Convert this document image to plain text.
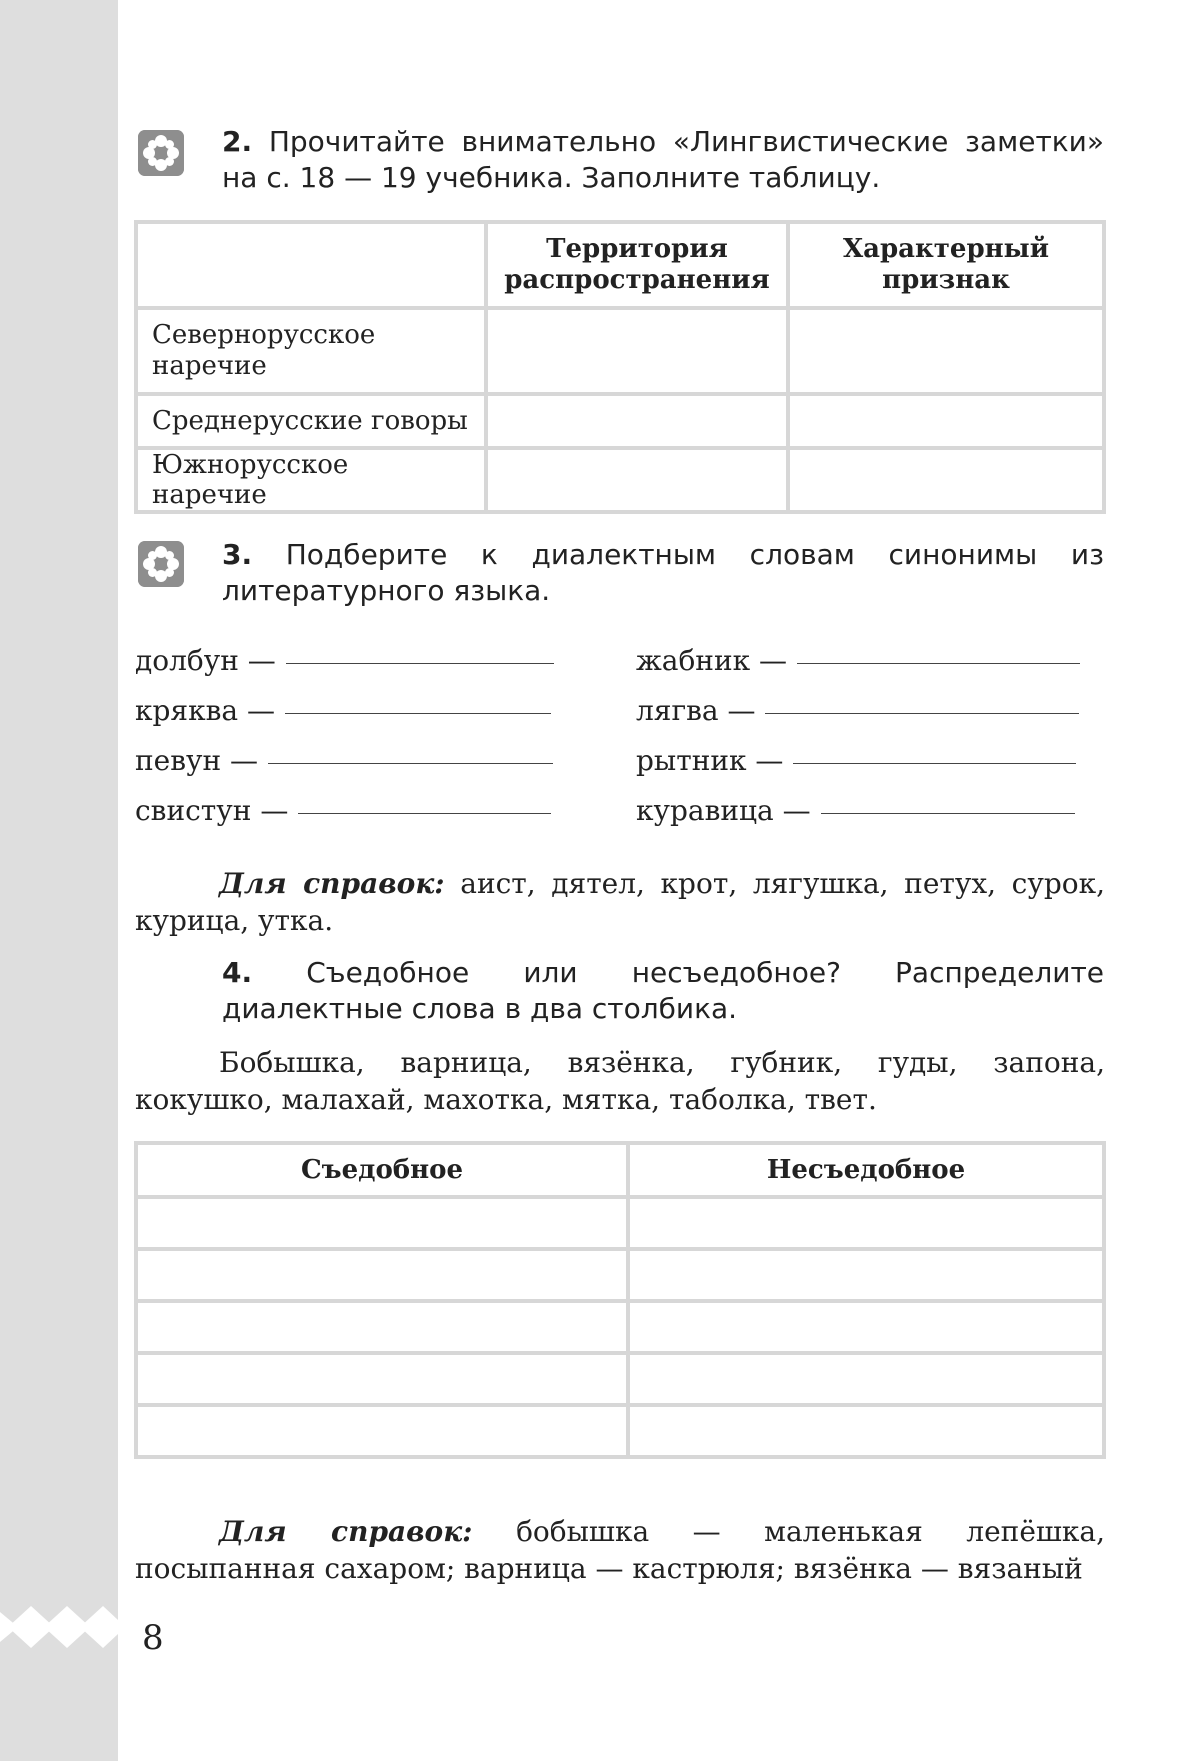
2. Прочитайте внимательно «Лингвистические заметки» на с. 18 — 19 учебника. Заполните таблицу.
	Территория распространения	Характерный признак
Севернорусское наречие		
Среднерусские говоры		
Южнорусское наречие		
3. Подберите к диалектным словам синонимы из литературного языка.
долбун —
кряква —
певун —
свистун —
жабник —
лягва —
рытник —
куравица —
Для справок: аист, дятел, крот, лягушка, петух, сурок, курица, утка.
4. Съедобное или несъедобное? Распределите диалектные слова в два столбика.
Бобышка, варница, вязёнка, губник, гуды, запона, кокушко, малахай, махотка, мятка, таболка, твет.
Съедобное	Несъедобное

Для справок: бобышка — маленькая лепёшка, посыпанная сахаром; варница — кастрюля; вязёнка — вязаный
8
